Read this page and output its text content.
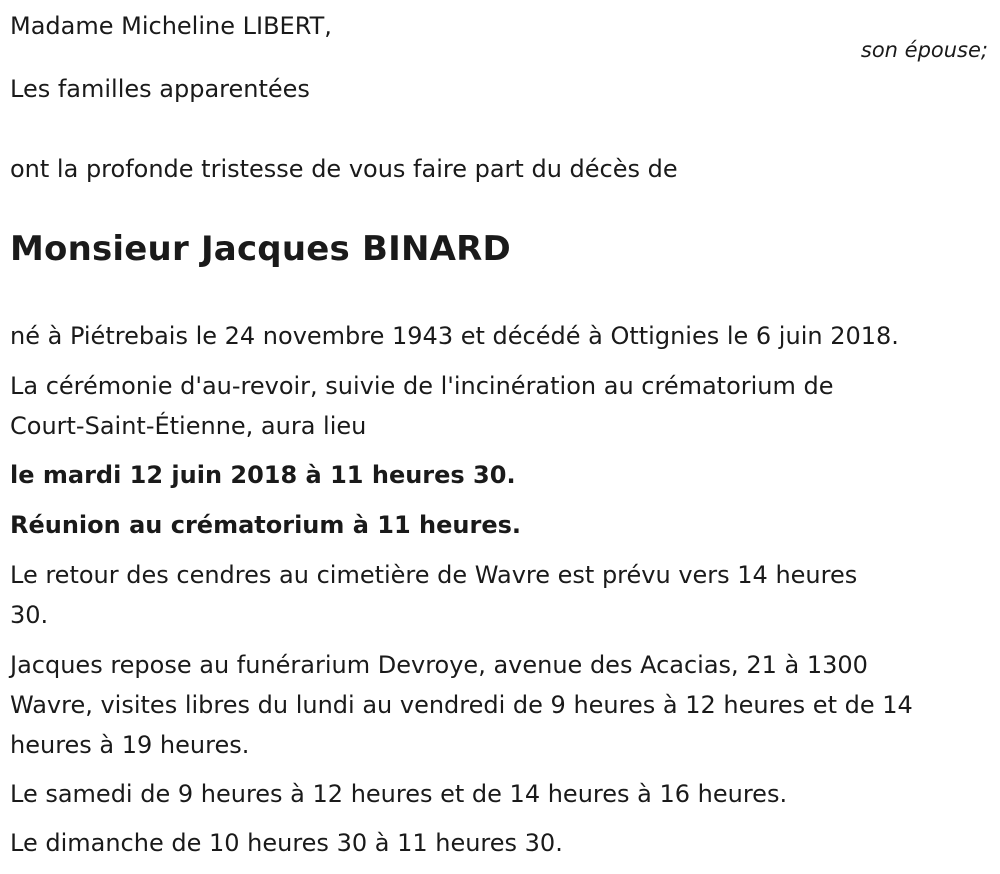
Madame Micheline LIBERT,

son épouse;

Les familles apparentées

ont la profonde tristesse de vous faire part du décès de

Monsieur Jacques BINARD

né à Piétrebais le 24 novembre 1943 et décédé à Ottignies le 6 juin 2018.

La cérémonie d'au-revoir, suivie de l'incinération au crématorium de

Court-Saint-Étienne, aura lieu

le mardi 12 juin 2018 à 11 heures 30.

Réunion au crématorium à 11 heures.

Le retour des cendres au cimetière de Wavre est prévu vers 14 heures

30.

Jacques repose au funérarium Devroye, avenue des Acacias, 21 à 1300

Wavre, visites libres du lundi au vendredi de 9 heures à 12 heures et de 14

heures à 19 heures.

Le samedi de 9 heures à 12 heures et de 14 heures à 16 heures.

Le dimanche de 10 heures 30 à 11 heures 30.
